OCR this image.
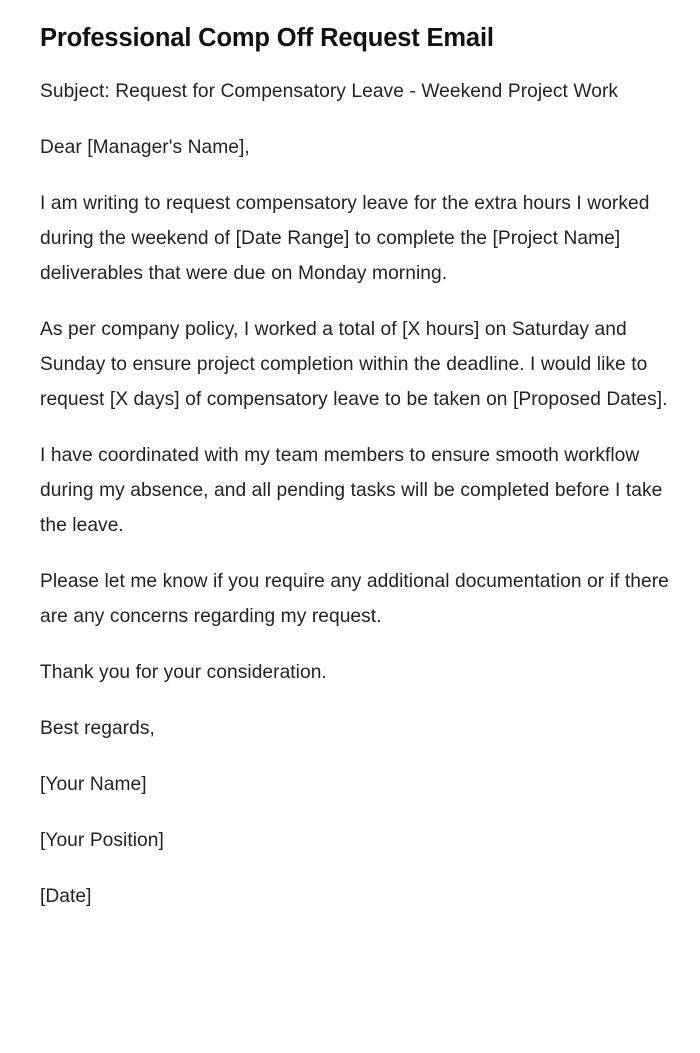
Professional Comp Off Request Email

Subject: Request for Compensatory Leave - Weekend Project Work

Dear [Manager's Name],

I am writing to request compensatory leave for the extra hours I worked during the weekend of [Date Range] to complete the [Project Name] deliverables that were due on Monday morning.

As per company policy, I worked a total of [X hours] on Saturday and Sunday to ensure project completion within the deadline. I would like to request [X days] of compensatory leave to be taken on [Proposed Dates].

I have coordinated with my team members to ensure smooth workflow during my absence, and all pending tasks will be completed before I take the leave.

Please let me know if you require any additional documentation or if there are any concerns regarding my request.

Thank you for your consideration.

Best regards,

[Your Name]

[Your Position]

[Date]
